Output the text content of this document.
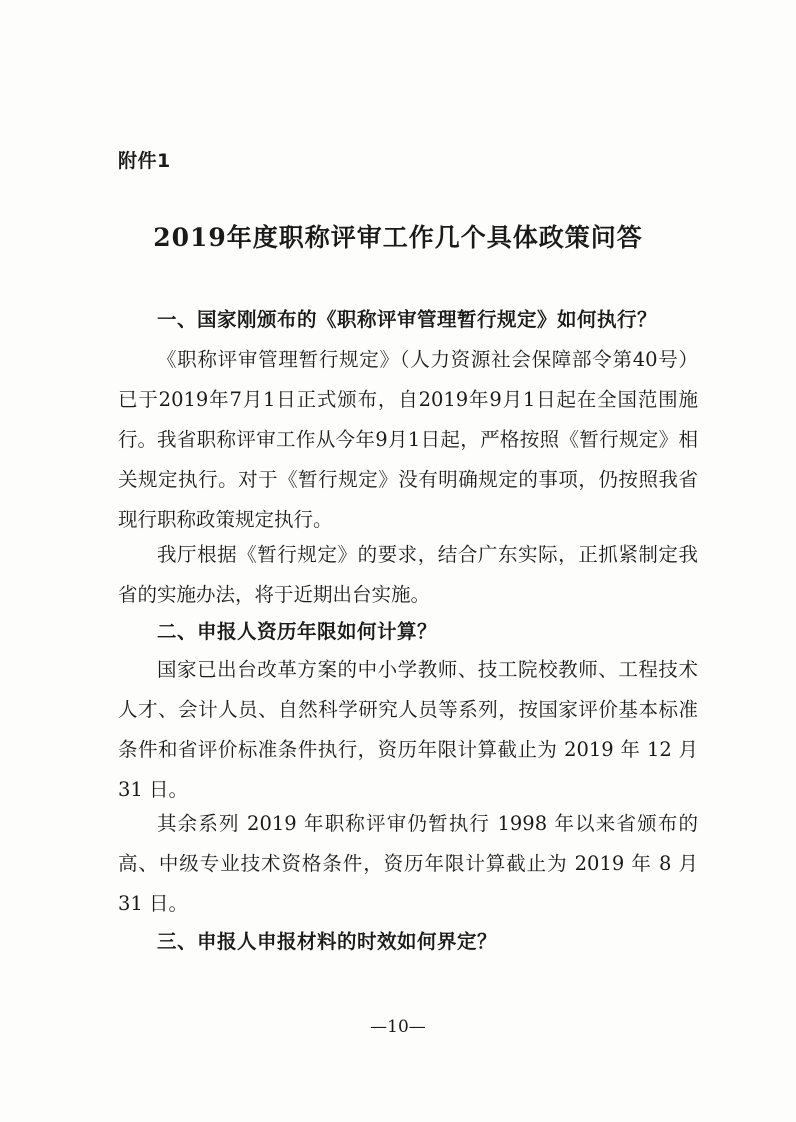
附件1
2019年度职称评审工作几个具体政策问答
一、国家刚颁布的《职称评审管理暂行规定》如何执行？

《职称评审管理暂行规定》（人力资源社会保障部令第40号）已于2019年7月1日正式颁布，自2019年9月1日起在全国范围施行。 我省职称评审工作从今年9月1日起，严格按照《暂行规定》相关规定执行。对于《暂行规定》没有明确规定的事项，仍按照我省现行职称政策规定执行。

我厅根据《暂行规定》的要求，结合广东实际，正抓紧制定我省的实施办法，将于近期出台实施。

二、申报人资历年限如何计算？

国家已出台改革方案的中小学教师、技工院校教师、工程技术人才、会计人员、自然科学研究人员等系列，按国家评价基本标准条件和省评价标准条件执行，资历年限计算截止为 2019 年 12 月 31 日。

其余系列 2019 年职称评审仍暂执行 1998 年以来省颁布的高、中级专业技术资格条件，资历年限计算截止为 2019 年 8 月 31 日。

三、申报人申报材料的时效如何界定？
—10—
